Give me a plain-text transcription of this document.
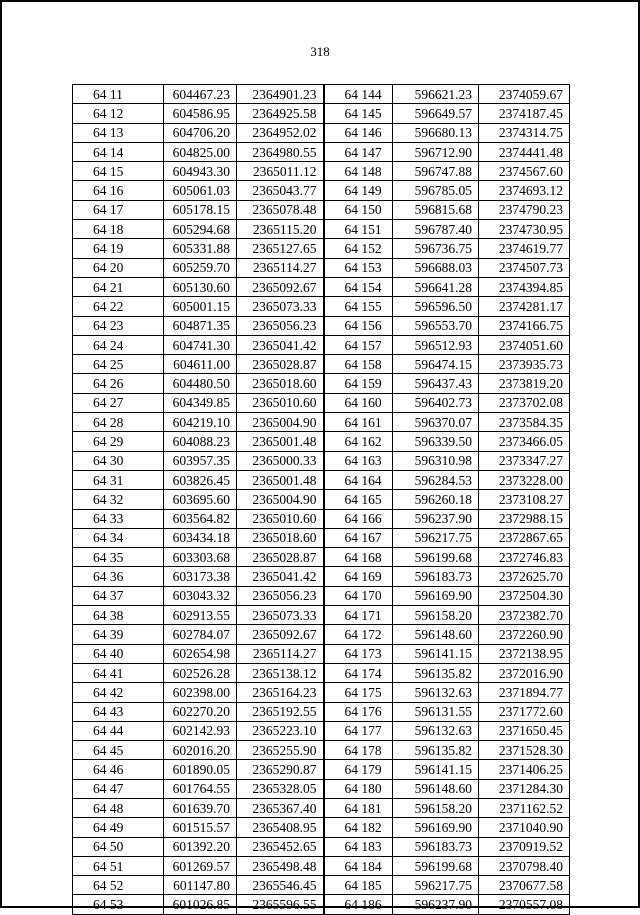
318
64 11	604467.23	2364901.23	64 144	596621.23	2374059.67
64 12	604586.95	2364925.58	64 145	596649.57	2374187.45
64 13	604706.20	2364952.02	64 146	596680.13	2374314.75
64 14	604825.00	2364980.55	64 147	596712.90	2374441.48
64 15	604943.30	2365011.12	64 148	596747.88	2374567.60
64 16	605061.03	2365043.77	64 149	596785.05	2374693.12
64 17	605178.15	2365078.48	64 150	596815.68	2374790.23
64 18	605294.68	2365115.20	64 151	596787.40	2374730.95
64 19	605331.88	2365127.65	64 152	596736.75	2374619.77
64 20	605259.70	2365114.27	64 153	596688.03	2374507.73
64 21	605130.60	2365092.67	64 154	596641.28	2374394.85
64 22	605001.15	2365073.33	64 155	596596.50	2374281.17
64 23	604871.35	2365056.23	64 156	596553.70	2374166.75
64 24	604741.30	2365041.42	64 157	596512.93	2374051.60
64 25	604611.00	2365028.87	64 158	596474.15	2373935.73
64 26	604480.50	2365018.60	64 159	596437.43	2373819.20
64 27	604349.85	2365010.60	64 160	596402.73	2373702.08
64 28	604219.10	2365004.90	64 161	596370.07	2373584.35
64 29	604088.23	2365001.48	64 162	596339.50	2373466.05
64 30	603957.35	2365000.33	64 163	596310.98	2373347.27
64 31	603826.45	2365001.48	64 164	596284.53	2373228.00
64 32	603695.60	2365004.90	64 165	596260.18	2373108.27
64 33	603564.82	2365010.60	64 166	596237.90	2372988.15
64 34	603434.18	2365018.60	64 167	596217.75	2372867.65
64 35	603303.68	2365028.87	64 168	596199.68	2372746.83
64 36	603173.38	2365041.42	64 169	596183.73	2372625.70
64 37	603043.32	2365056.23	64 170	596169.90	2372504.30
64 38	602913.55	2365073.33	64 171	596158.20	2372382.70
64 39	602784.07	2365092.67	64 172	596148.60	2372260.90
64 40	602654.98	2365114.27	64 173	596141.15	2372138.95
64 41	602526.28	2365138.12	64 174	596135.82	2372016.90
64 42	602398.00	2365164.23	64 175	596132.63	2371894.77
64 43	602270.20	2365192.55	64 176	596131.55	2371772.60
64 44	602142.93	2365223.10	64 177	596132.63	2371650.45
64 45	602016.20	2365255.90	64 178	596135.82	2371528.30
64 46	601890.05	2365290.87	64 179	596141.15	2371406.25
64 47	601764.55	2365328.05	64 180	596148.60	2371284.30
64 48	601639.70	2365367.40	64 181	596158.20	2371162.52
64 49	601515.57	2365408.95	64 182	596169.90	2371040.90
64 50	601392.20	2365452.65	64 183	596183.73	2370919.52
64 51	601269.57	2365498.48	64 184	596199.68	2370798.40
64 52	601147.80	2365546.45	64 185	596217.75	2370677.58
64 53	601026.85	2365596.55	64 186	596237.90	2370557.08
